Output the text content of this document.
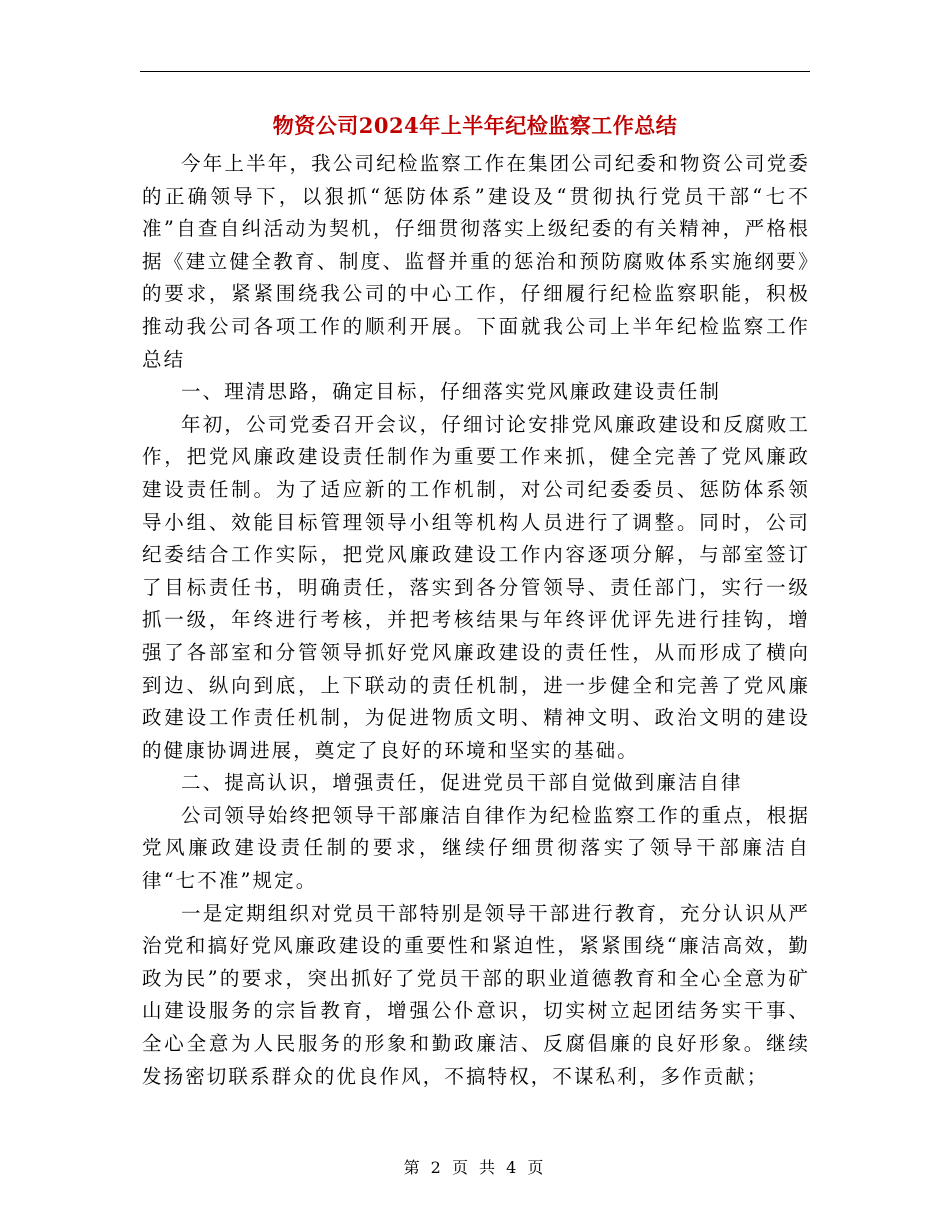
物资公司2024年上半年纪检监察工作总结

今年上半年，我公司纪检监察工作在集团公司纪委和物资公司党委的正确领导下，以狠抓“惩防体系”建设及“贯彻执行党员干部“七不准”自查自纠活动为契机，仔细贯彻落实上级纪委的有关精神，严格根据《建立健全教育、制度、监督并重的惩治和预防腐败体系实施纲要》的要求，紧紧围绕我公司的中心工作，仔细履行纪检监察职能，积极推动我公司各项工作的顺利开展。下面就我公司上半年纪检监察工作总结

一、理清思路，确定目标，仔细落实党风廉政建设责任制

年初，公司党委召开会议，仔细讨论安排党风廉政建设和反腐败工作，把党风廉政建设责任制作为重要工作来抓，健全完善了党风廉政建设责任制。为了适应新的工作机制，对公司纪委委员、惩防体系领导小组、效能目标管理领导小组等机构人员进行了调整。同时，公司纪委结合工作实际，把党风廉政建设工作内容逐项分解，与部室签订了目标责任书，明确责任，落实到各分管领导、责任部门，实行一级抓一级，年终进行考核，并把考核结果与年终评优评先进行挂钩，增强了各部室和分管领导抓好党风廉政建设的责任性，从而形成了横向到边、纵向到底，上下联动的责任机制，进一步健全和完善了党风廉政建设工作责任机制，为促进物质文明、精神文明、政治文明的建设的健康协调进展，奠定了良好的环境和坚实的基础。

二、提高认识，增强责任，促进党员干部自觉做到廉洁自律

公司领导始终把领导干部廉洁自律作为纪检监察工作的重点，根据党风廉政建设责任制的要求，继续仔细贯彻落实了领导干部廉洁自律“七不准”规定。

一是定期组织对党员干部特别是领导干部进行教育，充分认识从严治党和搞好党风廉政建设的重要性和紧迫性，紧紧围绕“廉洁高效，勤政为民”的要求，突出抓好了党员干部的职业道德教育和全心全意为矿山建设服务的宗旨教育，增强公仆意识，切实树立起团结务实干事、全心全意为人民服务的形象和勤政廉洁、反腐倡廉的良好形象。继续发扬密切联系群众的优良作风，不搞特权，不谋私利，多作贡献；

第 2 页 共 4 页
